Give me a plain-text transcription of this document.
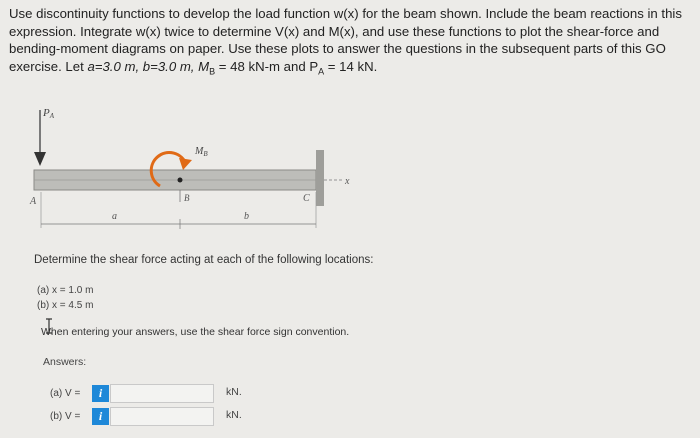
Use discontinuity functions to develop the load function w(x) for the beam shown. Include the beam reactions in this expression. Integrate w(x) twice to determine V(x) and M(x), and use these functions to plot the shear-force and bending-moment diagrams on paper. Use these plots to answer the questions in the subsequent parts of this GO exercise. Let a=3.0 m, b=3.0 m, $M_B = 48$ kN-m and $P_A = 14$ kN.
PA
x
$M_B$
A	B	C
a	b
Determine the shear force acting at each of the following locations:
(a) x = 1.0 m
(b) x = 4.5 m
When entering your answers, use the shear force sign convention.
Answers:
(a) V =	i	kN.
(b) V =	i	kN.
